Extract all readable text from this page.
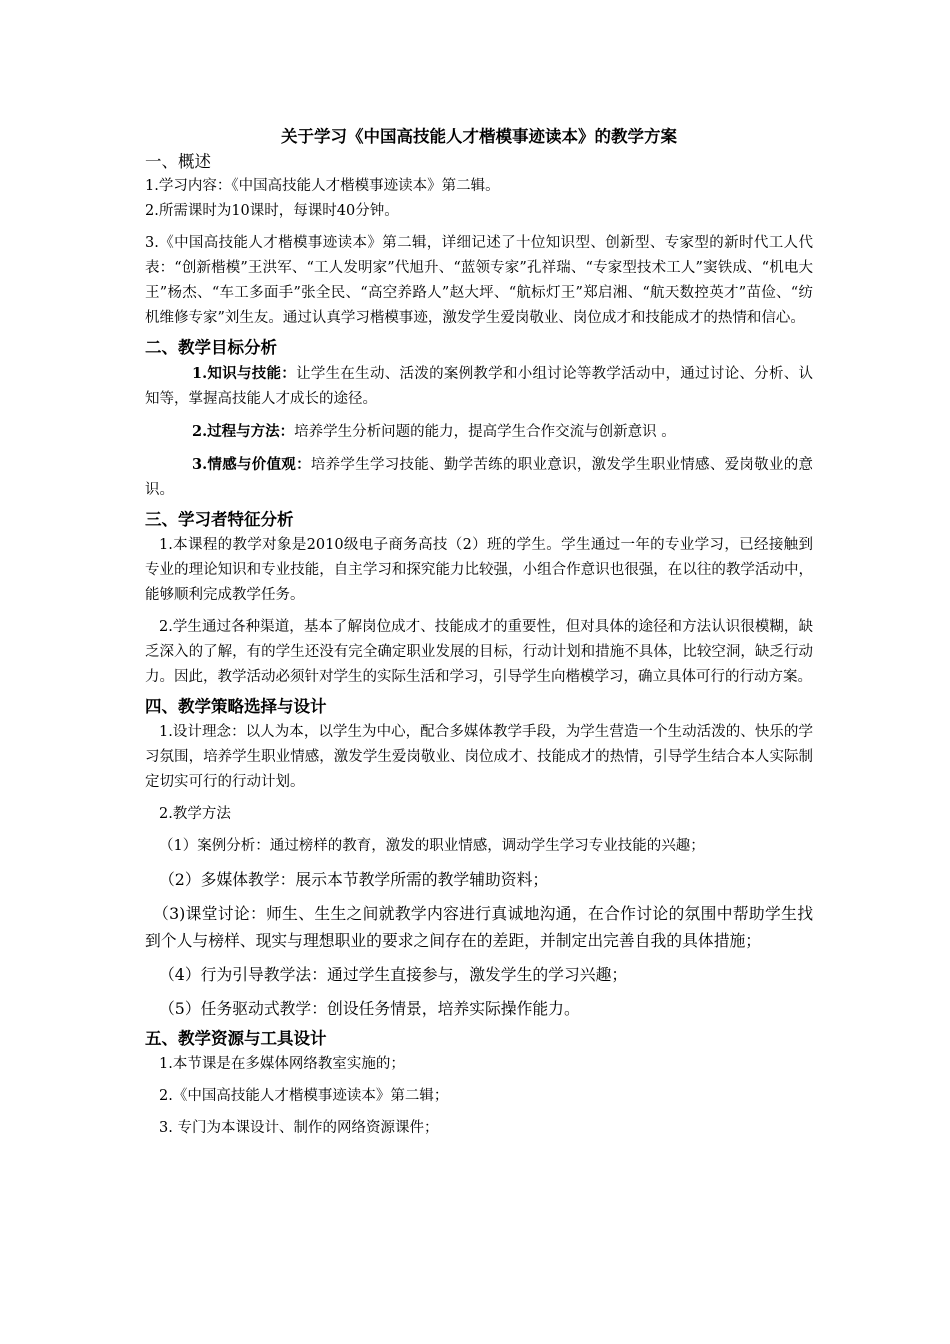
关于学习《中国高技能人才楷模事迹读本》的教学方案
一、概述

1.学习内容：《中国高技能人才楷模事迹读本》第二辑。

2.所需课时为10课时，每课时40分钟。

3.《中国高技能人才楷模事迹读本》第二辑，详细记述了十位知识型、创新型、专家型的新时代工人代表：“创新楷模”王洪军、“工人发明家”代旭升、“蓝领专家”孔祥瑞、“专家型技术工人”窦铁成、“机电大王”杨杰、“车工多面手”张全民、“高空养路人”赵大坪、“航标灯王”郑启湘、“航天数控英才”苗俭、“纺机维修专家”刘生友。通过认真学习楷模事迹，激发学生爱岗敬业、岗位成才和技能成才的热情和信心。

二、教学目标分析

1.知识与技能：让学生在生动、活泼的案例教学和小组讨论等教学活动中，通过讨论、分析、认知等，掌握高技能人才成长的途径。

2.过程与方法：培养学生分析问题的能力，提高学生合作交流与创新意识 。

3.情感与价值观：培养学生学习技能、勤学苦练的职业意识，激发学生职业情感、爱岗敬业的意识。

三、学习者特征分析

1.本课程的教学对象是2010级电子商务高技（2）班的学生。学生通过一年的专业学习，已经接触到专业的理论知识和专业技能，自主学习和探究能力比较强，小组合作意识也很强，在以往的教学活动中，能够顺利完成教学任务。

2.学生通过各种渠道，基本了解岗位成才、技能成才的重要性，但对具体的途径和方法认识很模糊，缺乏深入的了解，有的学生还没有完全确定职业发展的目标，行动计划和措施不具体，比较空洞，缺乏行动力。因此，教学活动必须针对学生的实际生活和学习，引导学生向楷模学习，确立具体可行的行动方案。

四、教学策略选择与设计

1.设计理念：以人为本，以学生为中心，配合多媒体教学手段，为学生营造一个生动活泼的、快乐的学习氛围，培养学生职业情感，激发学生爱岗敬业、岗位成才、技能成才的热情，引导学生结合本人实际制定切实可行的行动计划。

2.教学方法

（1）案例分析：通过榜样的教育，激发的职业情感，调动学生学习专业技能的兴趣；

（2）多媒体教学：展示本节教学所需的教学辅助资料；

（3)课堂讨论：师生、生生之间就教学内容进行真诚地沟通，在合作讨论的氛围中帮助学生找到个人与榜样、现实与理想职业的要求之间存在的差距，并制定出完善自我的具体措施；

（4）行为引导教学法：通过学生直接参与，激发学生的学习兴趣；

（5）任务驱动式教学：创设任务情景，培养实际操作能力。

五、教学资源与工具设计

1.本节课是在多媒体网络教室实施的；

2.《中国高技能人才楷模事迹读本》第二辑；

3. 专门为本课设计、制作的网络资源课件；
